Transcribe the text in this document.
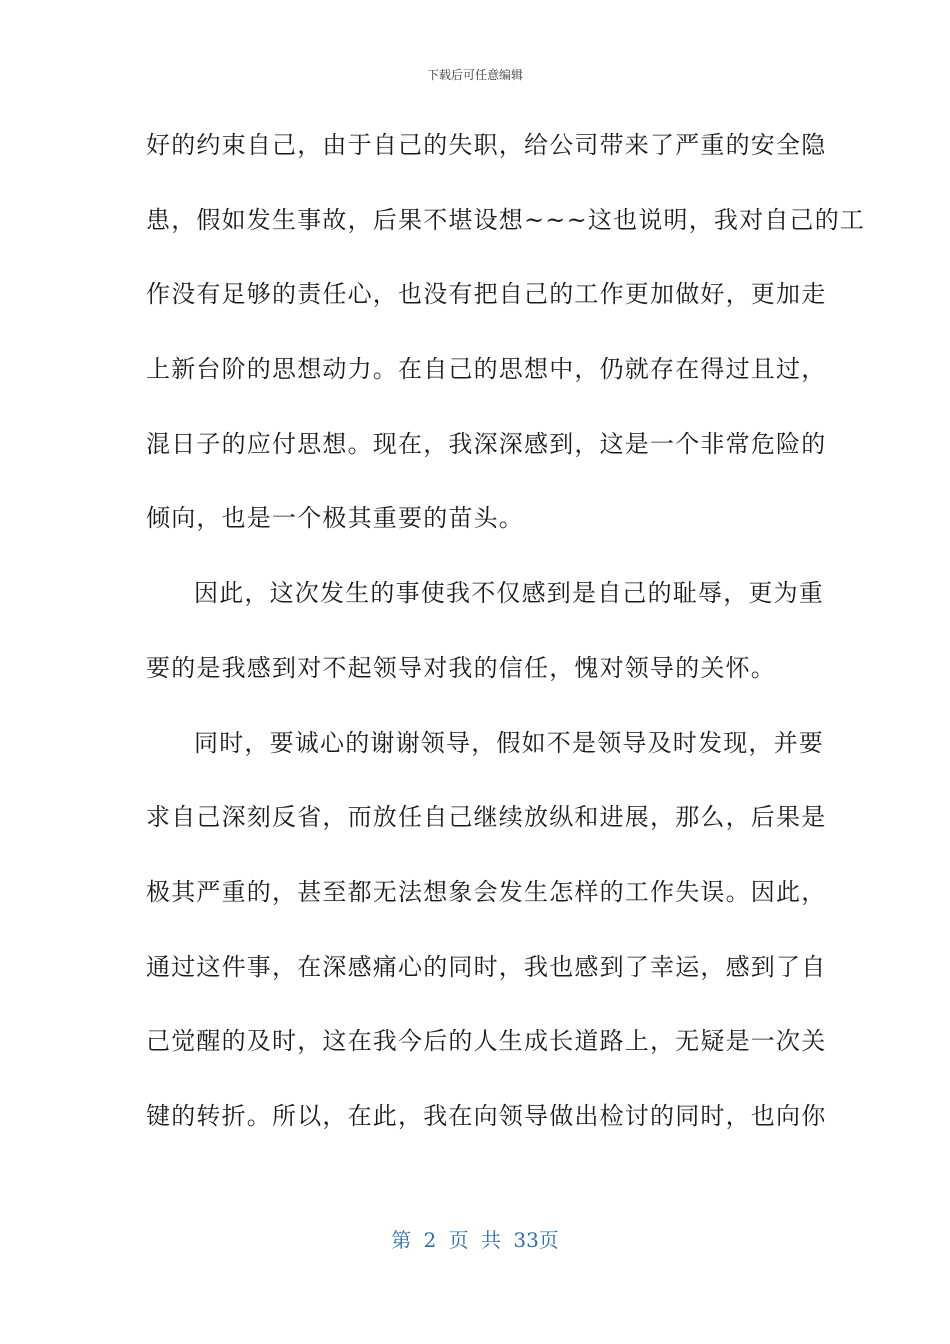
下载后可任意编辑
好的约束自己，由于自己的失职，给公司带来了严重的安全隐
患，假如发生事故，后果不堪设想~~~这也说明，我对自己的工
作没有足够的责任心，也没有把自己的工作更加做好，更加走
上新台阶的思想动力。在自己的思想中，仍就存在得过且过，
混日子的应付思想。现在，我深深感到，这是一个非常危险的
倾向，也是一个极其重要的苗头。
因此，这次发生的事使我不仅感到是自己的耻辱，更为重
要的是我感到对不起领导对我的信任，愧对领导的关怀。
同时，要诚心的谢谢领导，假如不是领导及时发现，并要
求自己深刻反省，而放任自己继续放纵和进展，那么，后果是
极其严重的，甚至都无法想象会发生怎样的工作失误。因此，
通过这件事，在深感痛心的同时，我也感到了幸运，感到了自
己觉醒的及时，这在我今后的人生成长道路上，无疑是一次关
键的转折。所以，在此，我在向领导做出检讨的同时，也向你
第 2 页 共 33页
